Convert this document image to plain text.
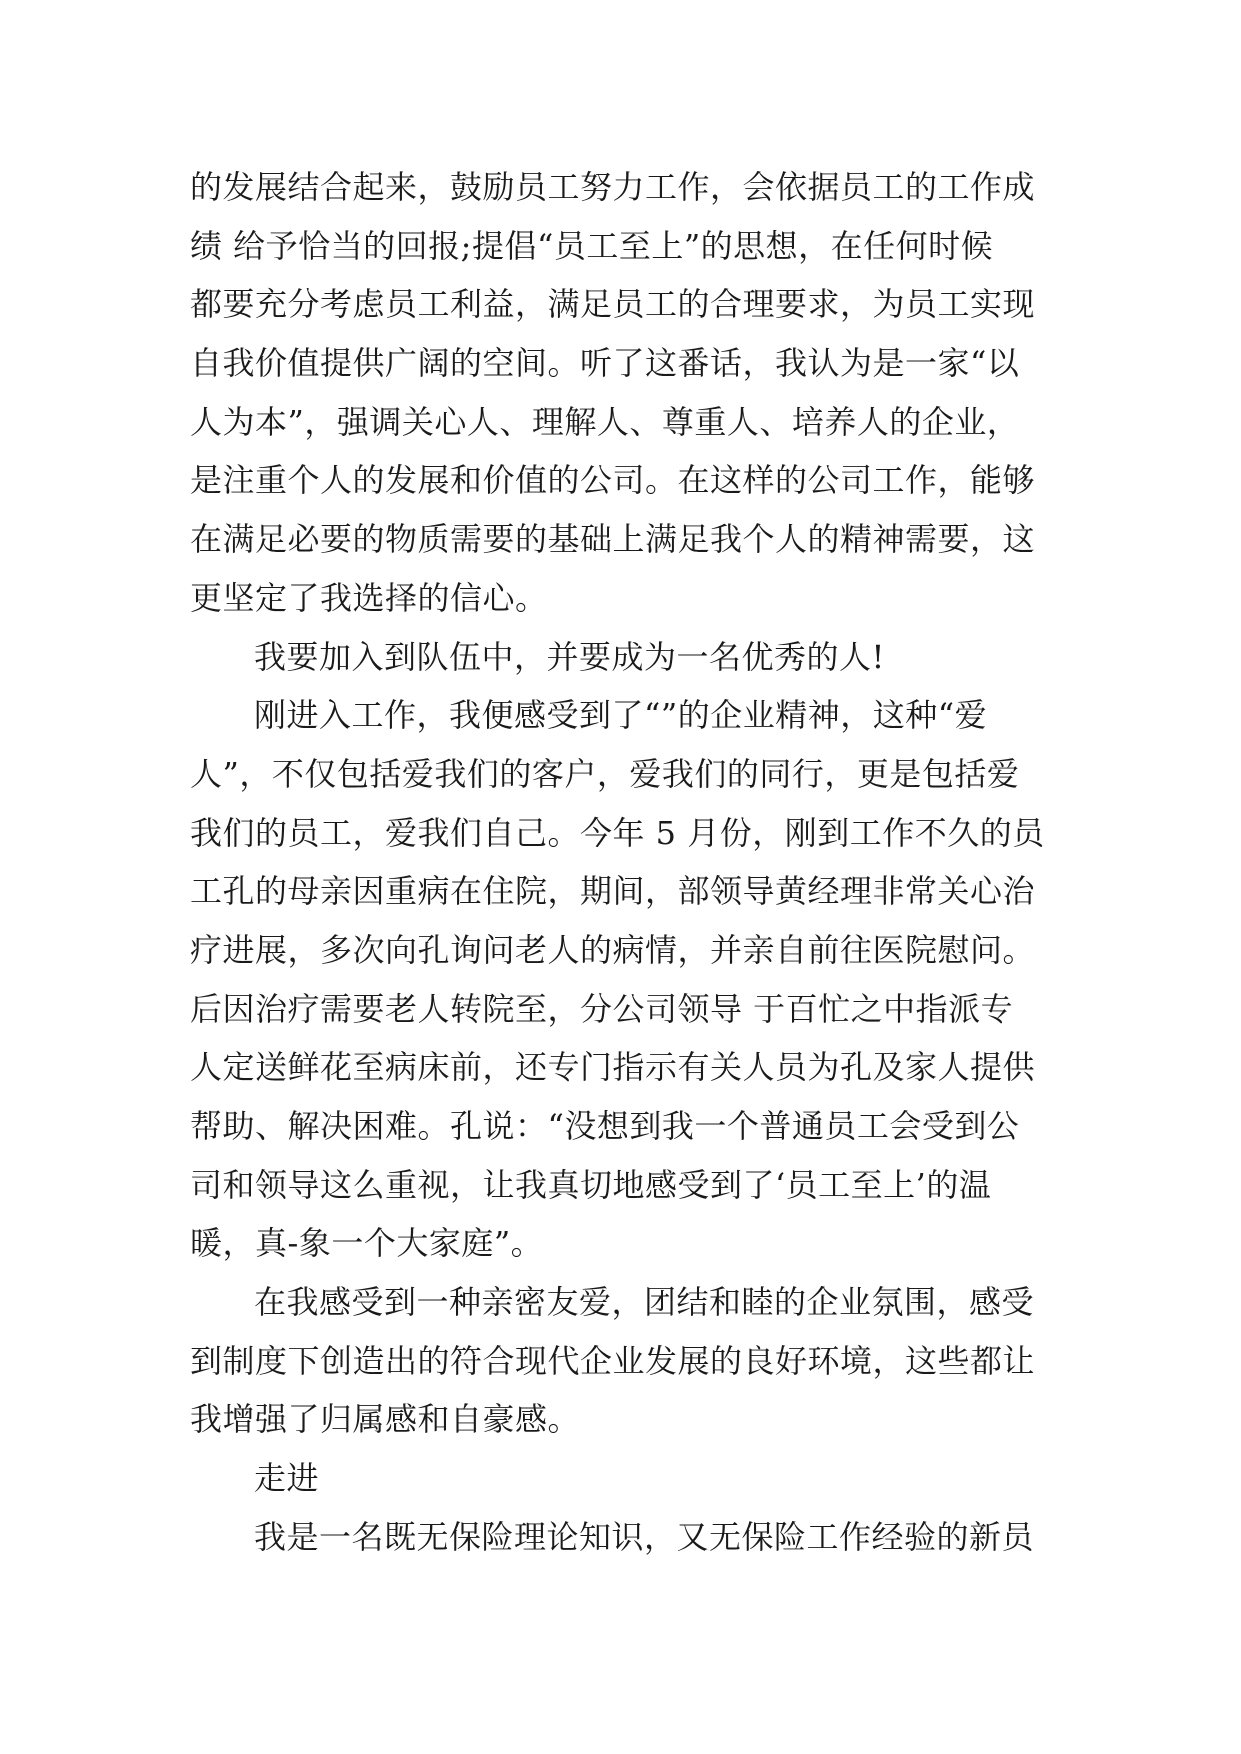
的发展结合起来，鼓励员工努力工作，会依据员工的工作成
绩 给予恰当的回报;提倡“员工至上”的思想，在任何时候
都要充分考虑员工利益，满足员工的合理要求，为员工实现
自我价值提供广阔的空间。听了这番话，我认为是一家“以
人为本”，强调关心人、理解人、尊重人、培养人的企业，
是注重个人的发展和价值的公司。在这样的公司工作，能够
在满足必要的物质需要的基础上满足我个人的精神需要，这
更坚定了我选择的信心。
我要加入到队伍中，并要成为一名优秀的人!
刚进入工作，我便感受到了“”的企业精神，这种“爱
人”，不仅包括爱我们的客户，爱我们的同行，更是包括爱
我们的员工，爱我们自己。今年 5 月份，刚到工作不久的员
工孔的母亲因重病在住院，期间，部领导黄经理非常关心治
疗进展，多次向孔询问老人的病情，并亲自前往医院慰问。
后因治疗需要老人转院至，分公司领导 于百忙之中指派专
人定送鲜花至病床前，还专门指示有关人员为孔及家人提供
帮助、解决困难。孔说：“没想到我一个普通员工会受到公
司和领导这么重视，让我真切地感受到了‘员工至上’的温
暖，真-象一个大家庭”。
在我感受到一种亲密友爱，团结和睦的企业氛围，感受
到制度下创造出的符合现代企业发展的良好环境，这些都让
我增强了归属感和自豪感。
走进
我是一名既无保险理论知识，又无保险工作经验的新员
